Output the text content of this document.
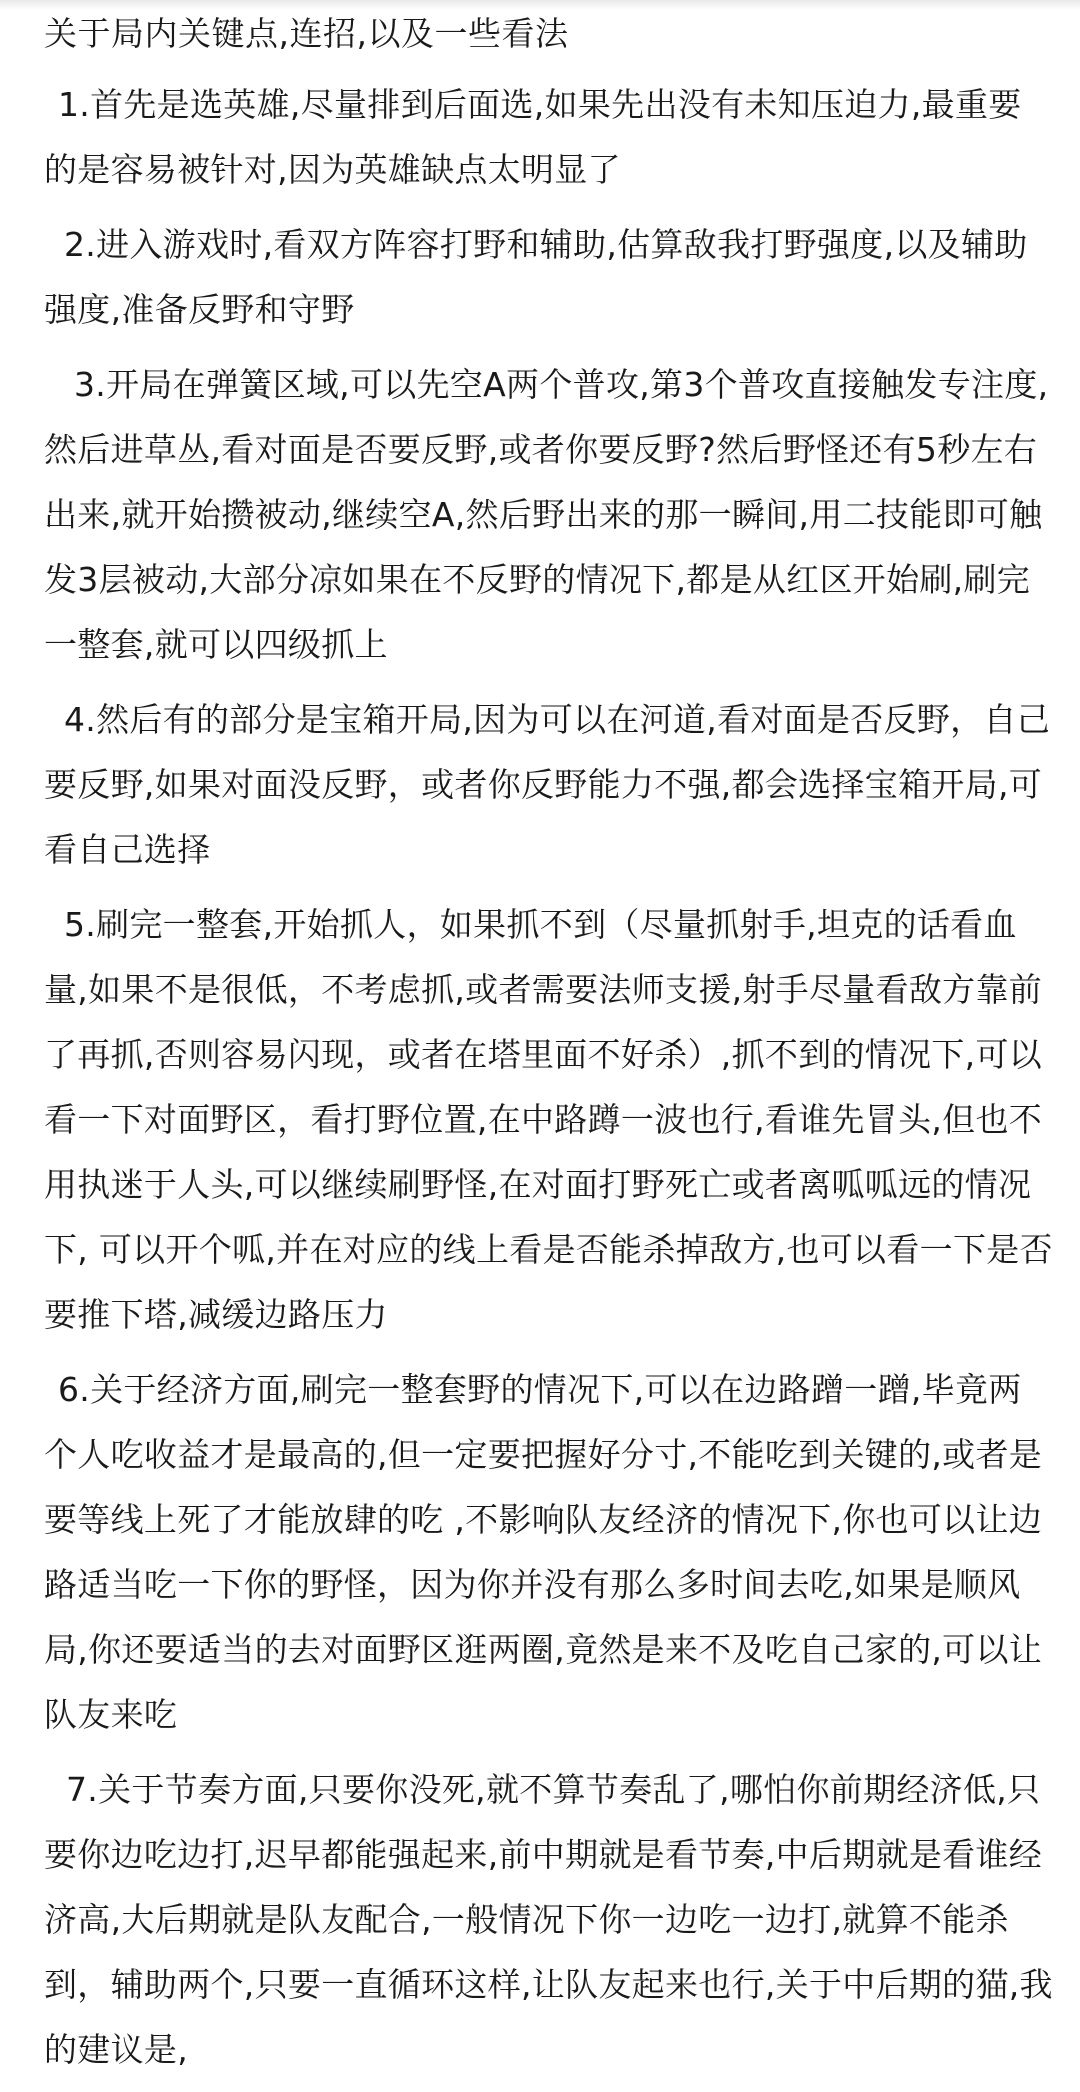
关于局内关键点,连招,以及一些看法
1.首先是选英雄,尽量排到后面选,如果先出没有未知压迫力,最重要的是容易被针对,因为英雄缺点太明显了
2.进入游戏时,看双方阵容打野和辅助,估算敌我打野强度,以及辅助强度,准备反野和守野
3.开局在弹簧区域,可以先空A两个普攻,第3个普攻直接触发专注度,然后进草丛,看对面是否要反野,或者你要反野?然后野怪还有5秒左右出来,就开始攒被动,继续空A,然后野出来的那一瞬间,用二技能即可触发3层被动,大部分凉如果在不反野的情况下,都是从红区开始刷,刷完一整套,就可以四级抓上
4.然后有的部分是宝箱开局,因为可以在河道,看对面是否反野，自己要反野,如果对面没反野，或者你反野能力不强,都会选择宝箱开局,可看自己选择
5.刷完一整套,开始抓人，如果抓不到（尽量抓射手,坦克的话看血量,如果不是很低，不考虑抓,或者需要法师支援,射手尽量看敌方靠前了再抓,否则容易闪现，或者在塔里面不好杀）,抓不到的情况下,可以看一下对面野区，看打野位置,在中路蹲一波也行,看谁先冒头,但也不用执迷于人头,可以继续刷野怪,在对面打野死亡或者离呱呱远的情况下, 可以开个呱,并在对应的线上看是否能杀掉敌方,也可以看一下是否要推下塔,减缓边路压力
6.关于经济方面,刷完一整套野的情况下,可以在边路蹭一蹭,毕竟两个人吃收益才是最高的,但一定要把握好分寸,不能吃到关键的,或者是要等线上死了才能放肆的吃 ,不影响队友经济的情况下,你也可以让边路适当吃一下你的野怪，因为你并没有那么多时间去吃,如果是顺风局,你还要适当的去对面野区逛两圈,竟然是来不及吃自己家的,可以让队友来吃
7.关于节奏方面,只要你没死,就不算节奏乱了,哪怕你前期经济低,只要你边吃边打,迟早都能强起来,前中期就是看节奏,中后期就是看谁经济高,大后期就是队友配合,一般情况下你一边吃一边打,就算不能杀到，辅助两个,只要一直循环这样,让队友起来也行,关于中后期的猫,我的建议是,
